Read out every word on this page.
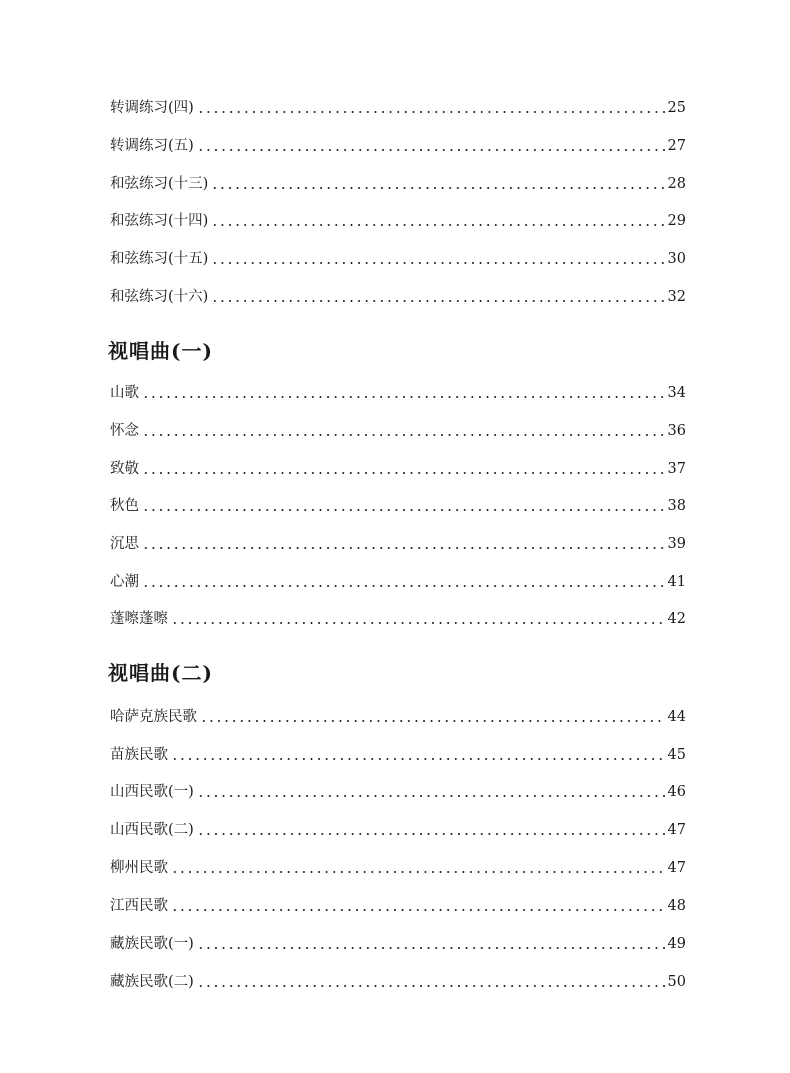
转调练习(四)	25
转调练习(五)	27
和弦练习(十三)	28
和弦练习(十四)	29
和弦练习(十五)	30
和弦练习(十六)	32
视唱曲(一)
山歌	34
怀念	36
致敬	37
秋色	38
沉思	39
心潮	41
蓬嚓蓬嚓	42
视唱曲(二)
哈萨克族民歌	44
苗族民歌	45
山西民歌(一)	46
山西民歌(二)	47
柳州民歌	47
江西民歌	48
藏族民歌(一)	49
藏族民歌(二)	50
